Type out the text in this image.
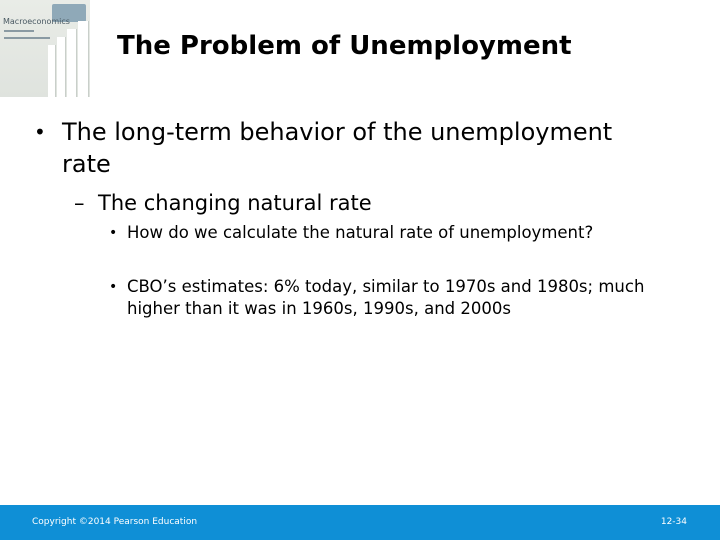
Macroeconomics
The Problem of Unemployment
• The long-term behavior of the unemployment rate
– The changing natural rate
• How do we calculate the natural rate of unemployment?
• CBO’s estimates: 6% today, similar to 1970s and 1980s; much higher than it was in 1960s, 1990s, and 2000s
Copyright ©2014 Pearson Education	12-34
